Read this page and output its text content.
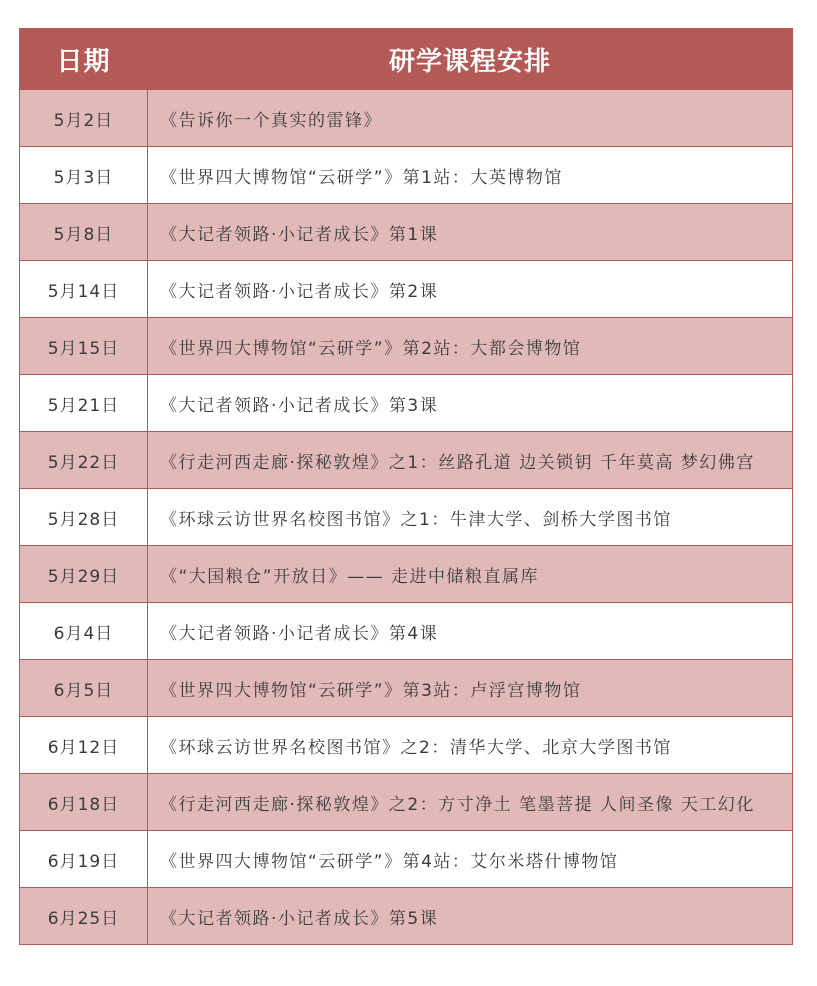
日期	研学课程安排
5月2日	《告诉你一个真实的雷锋》
5月3日	《世界四大博物馆“云研学”》第1站：大英博物馆
5月8日	《大记者领路·小记者成长》第1课
5月14日	《大记者领路·小记者成长》第2课
5月15日	《世界四大博物馆“云研学”》第2站：大都会博物馆
5月21日	《大记者领路·小记者成长》第3课
5月22日	《行走河西走廊·探秘敦煌》之1：丝路孔道 边关锁钥 千年莫高 梦幻佛宫
5月28日	《环球云访世界名校图书馆》之1：牛津大学、剑桥大学图书馆
5月29日	《“大国粮仓”开放日》—— 走进中储粮直属库
6月4日	《大记者领路·小记者成长》第4课
6月5日	《世界四大博物馆“云研学”》第3站：卢浮宫博物馆
6月12日	《环球云访世界名校图书馆》之2：清华大学、北京大学图书馆
6月18日	《行走河西走廊·探秘敦煌》之2：方寸净土 笔墨菩提 人间圣像 天工幻化
6月19日	《世界四大博物馆“云研学”》第4站：艾尔米塔什博物馆
6月25日	《大记者领路·小记者成长》第5课
